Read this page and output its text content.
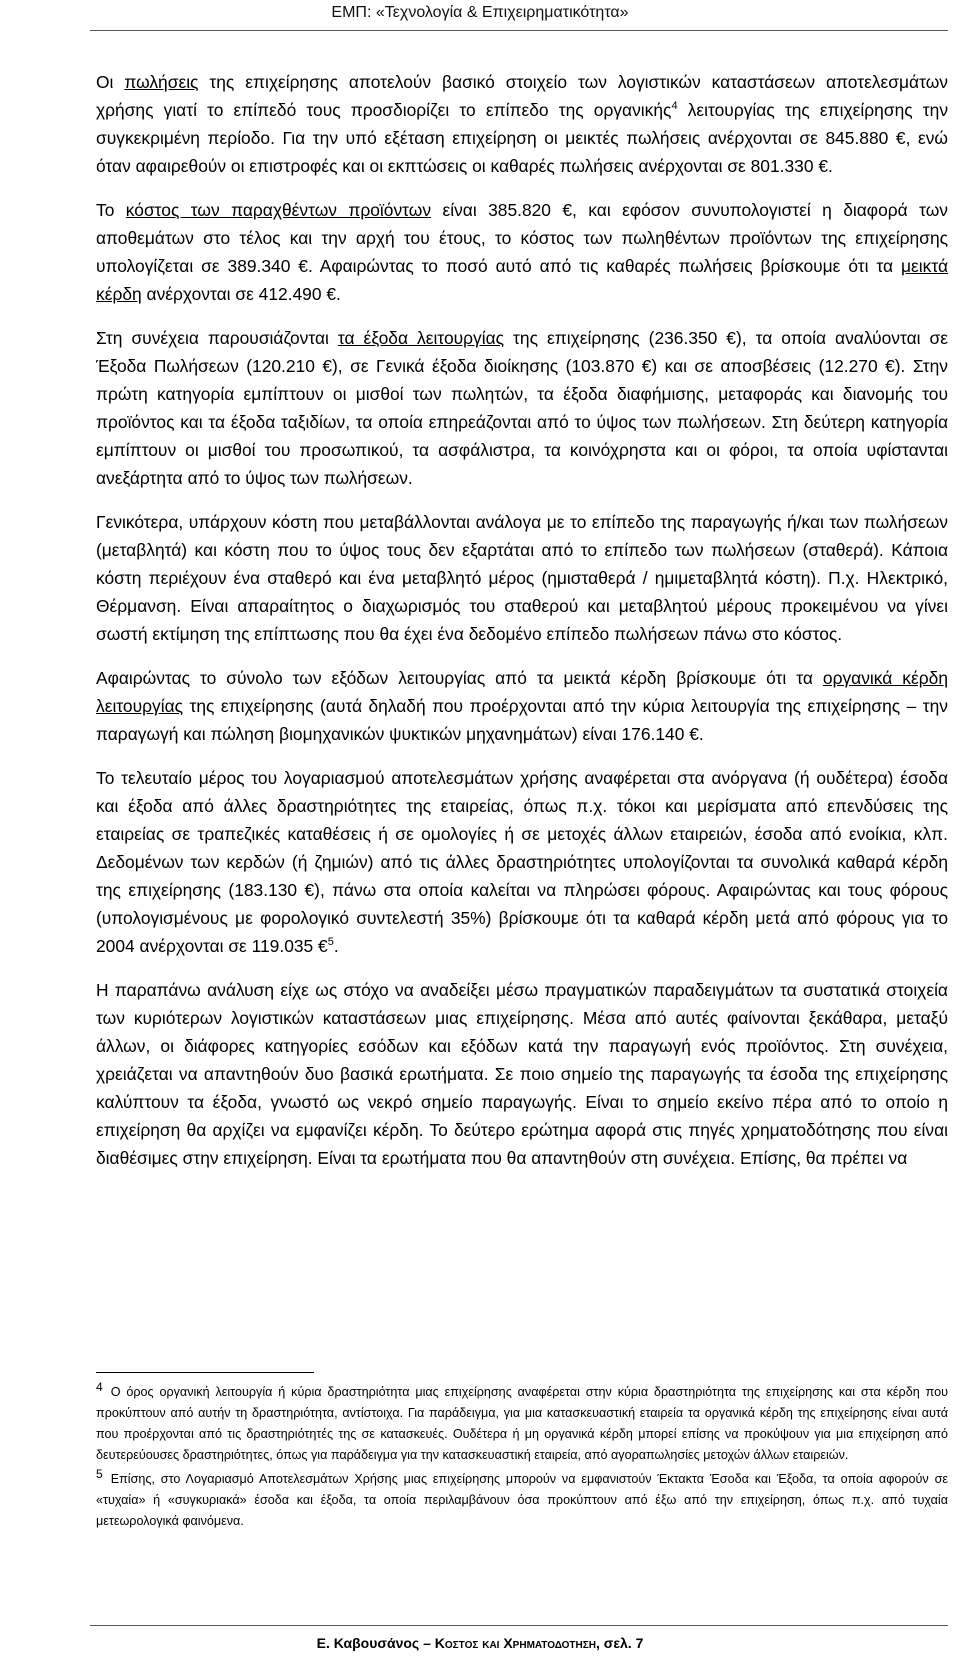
ΕΜΠ: «Τεχνολογία & Επιχειρηματικότητα»

Οι πωλήσεις της επιχείρησης αποτελούν βασικό στοιχείο των λογιστικών καταστάσεων αποτελεσμάτων χρήσης γιατί το επίπεδό τους προσδιορίζει το επίπεδο της οργανικής$^4$ λειτουργίας της επιχείρησης την συγκεκριμένη περίοδο. Για την υπό εξέταση επιχείρηση οι μεικτές πωλήσεις ανέρχονται σε 845.880 €, ενώ όταν αφαιρεθούν οι επιστροφές και οι εκπτώσεις οι καθαρές πωλήσεις ανέρχονται σε 801.330 €.

Το κόστος των παραχθέντων προϊόντων είναι 385.820 €, και εφόσον συνυπολογιστεί η διαφορά των αποθεμάτων στο τέλος και την αρχή του έτους, το κόστος των πωληθέντων προϊόντων της επιχείρησης υπολογίζεται σε 389.340 €. Αφαιρώντας το ποσό αυτό από τις καθαρές πωλήσεις βρίσκουμε ότι τα μεικτά κέρδη ανέρχονται σε 412.490 €.

Στη συνέχεια παρουσιάζονται τα έξοδα λειτουργίας της επιχείρησης (236.350 €), τα οποία αναλύονται σε Έξοδα Πωλήσεων (120.210 €), σε Γενικά έξοδα διοίκησης (103.870 €) και σε αποσβέσεις (12.270 €). Στην πρώτη κατηγορία εμπίπτουν οι μισθοί των πωλητών, τα έξοδα διαφήμισης, μεταφοράς και διανομής του προϊόντος και τα έξοδα ταξιδίων, τα οποία επηρεάζονται από το ύψος των πωλήσεων. Στη δεύτερη κατηγορία εμπίπτουν οι μισθοί του προσωπικού, τα ασφάλιστρα, τα κοινόχρηστα και οι φόροι, τα οποία υφίστανται ανεξάρτητα από το ύψος των πωλήσεων.

Γενικότερα, υπάρχουν κόστη που μεταβάλλονται ανάλογα με το επίπεδο της παραγωγής ή/και των πωλήσεων (μεταβλητά) και κόστη που το ύψος τους δεν εξαρτάται από το επίπεδο των πωλήσεων (σταθερά). Κάποια κόστη περιέχουν ένα σταθερό και ένα μεταβλητό μέρος (ημισταθερά / ημιμεταβλητά κόστη). Π.χ. Ηλεκτρικό, Θέρμανση. Είναι απαραίτητος ο διαχωρισμός του σταθερού και μεταβλητού μέρους προκειμένου να γίνει σωστή εκτίμηση της επίπτωσης που θα έχει ένα δεδομένο επίπεδο πωλήσεων πάνω στο κόστος.

Αφαιρώντας το σύνολο των εξόδων λειτουργίας από τα μεικτά κέρδη βρίσκουμε ότι τα οργανικά κέρδη λειτουργίας της επιχείρησης (αυτά δηλαδή που προέρχονται από την κύρια λειτουργία της επιχείρησης – την παραγωγή και πώληση βιομηχανικών ψυκτικών μηχανημάτων) είναι 176.140 €.

Το τελευταίο μέρος του λογαριασμού αποτελεσμάτων χρήσης αναφέρεται στα ανόργανα (ή ουδέτερα) έσοδα και έξοδα από άλλες δραστηριότητες της εταιρείας, όπως π.χ. τόκοι και μερίσματα από επενδύσεις της εταιρείας σε τραπεζικές καταθέσεις ή σε ομολογίες ή σε μετοχές άλλων εταιρειών, έσοδα από ενοίκια, κλπ. Δεδομένων των κερδών (ή ζημιών) από τις άλλες δραστηριότητες υπολογίζονται τα συνολικά καθαρά κέρδη της επιχείρησης (183.130 €), πάνω στα οποία καλείται να πληρώσει φόρους. Αφαιρώντας και τους φόρους (υπολογισμένους με φορολογικό συντελεστή 35%) βρίσκουμε ότι τα καθαρά κέρδη μετά από φόρους για το 2004 ανέρχονται σε 119.035 €$^5$.

Η παραπάνω ανάλυση είχε ως στόχο να αναδείξει μέσω πραγματικών παραδειγμάτων τα συστατικά στοιχεία των κυριότερων λογιστικών καταστάσεων μιας επιχείρησης. Μέσα από αυτές φαίνονται ξεκάθαρα, μεταξύ άλλων, οι διάφορες κατηγορίες εσόδων και εξόδων κατά την παραγωγή ενός προϊόντος. Στη συνέχεια, χρειάζεται να απαντηθούν δυο βασικά ερωτήματα. Σε ποιο σημείο της παραγωγής τα έσοδα της επιχείρησης καλύπτουν τα έξοδα, γνωστό ως νεκρό σημείο παραγωγής. Είναι το σημείο εκείνο πέρα από το οποίο η επιχείρηση θα αρχίζει να εμφανίζει κέρδη. Το δεύτερο ερώτημα αφορά στις πηγές χρηματοδότησης που είναι διαθέσιμες στην επιχείρηση. Είναι τα ερωτήματα που θα απαντηθούν στη συνέχεια. Επίσης, θα πρέπει να

4 Ο όρος οργανική λειτουργία ή κύρια δραστηριότητα μιας επιχείρησης αναφέρεται στην κύρια δραστηριότητα της επιχείρησης και στα κέρδη που προκύπτουν από αυτήν τη δραστηριότητα, αντίστοιχα. Για παράδειγμα, για μια κατασκευαστική εταιρεία τα οργανικά κέρδη της επιχείρησης είναι αυτά που προέρχονται από τις δραστηριότητές της σε κατασκευές. Ουδέτερα ή μη οργανικά κέρδη μπορεί επίσης να προκύψουν για μια επιχείρηση από δευτερεύουσες δραστηριότητες, όπως για παράδειγμα για την κατασκευαστική εταιρεία, από αγοραπωλησίες μετοχών άλλων εταιρειών.

5 Επίσης, στο Λογαριασμό Αποτελεσμάτων Χρήσης μιας επιχείρησης μπορούν να εμφανιστούν Έκτακτα Έσοδα και Έξοδα, τα οποία αφορούν σε «τυχαία» ή «συγκυριακά» έσοδα και έξοδα, τα οποία περιλαμβάνουν όσα προκύπτουν από έξω από την επιχείρηση, όπως π.χ. από τυχαία μετεωρολογικά φαινόμενα.

Ε. Καβουσάνος – Κοστος και Χρηματοδοτηση, σελ. 7
